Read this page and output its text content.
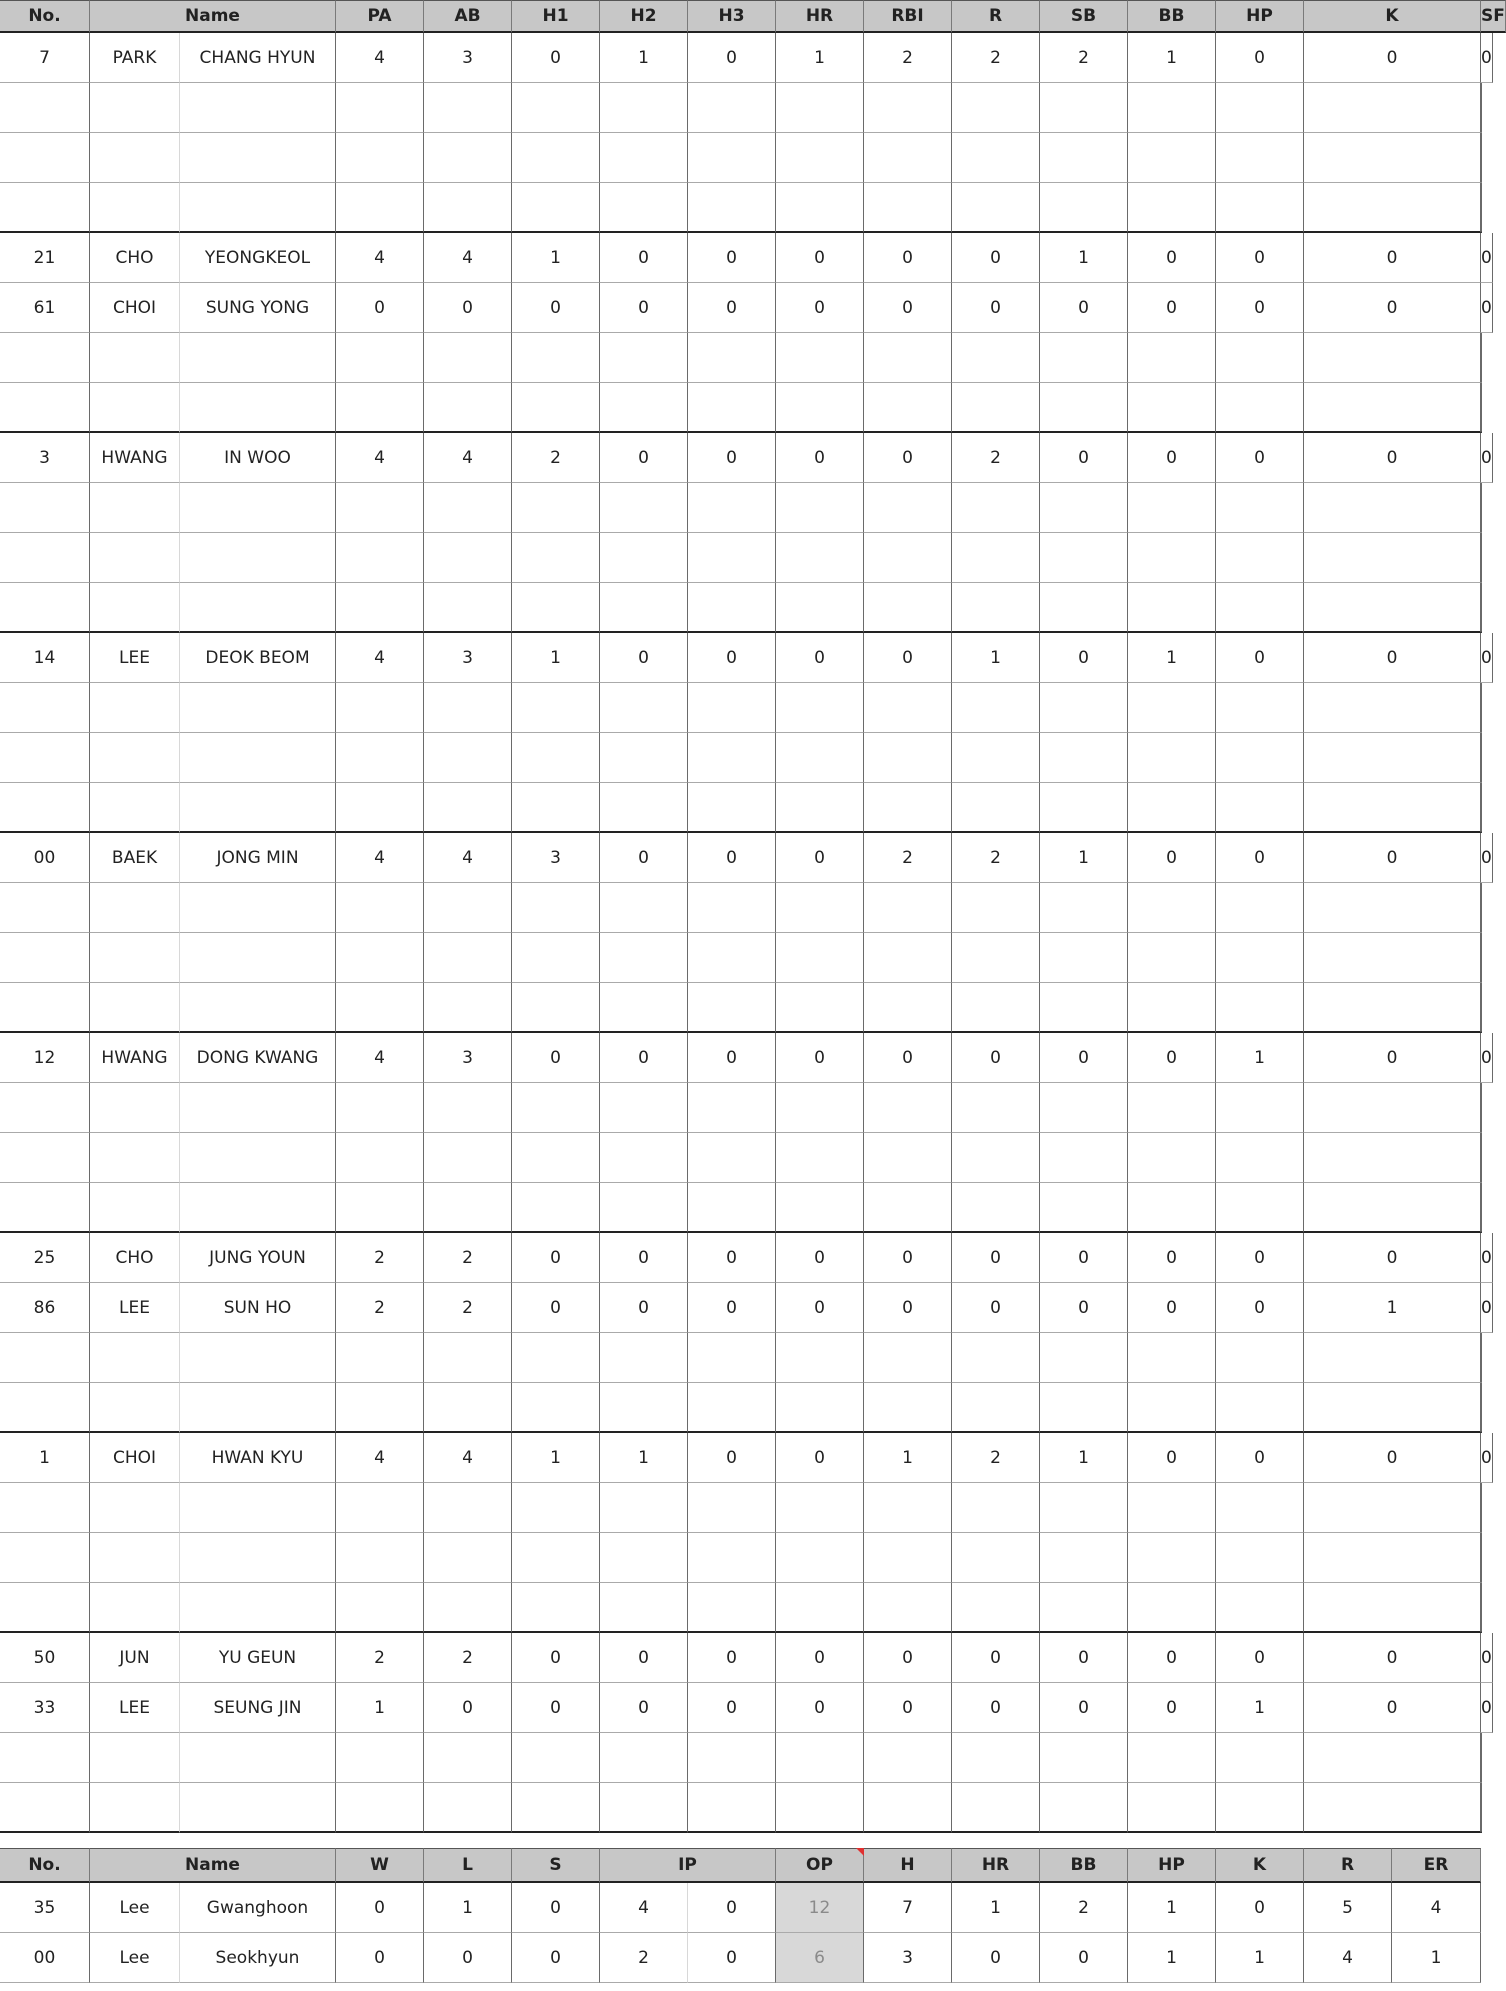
No.	Name	PA	AB	H1	H2	H3	HR	RBI	R	SB	BB	HP	K	SF
7	PARK	CHANG HYUN	4	3	0	1	0	1	2	2	2	1	0	0	0
21	CHO	YEONGKEOL	4	4	1	0	0	0	0	0	1	0	0	0	0
61	CHOI	SUNG YONG	0	0	0	0	0	0	0	0	0	0	0	0	0
3	HWANG	IN WOO	4	4	2	0	0	0	0	2	0	0	0	0	0
14	LEE	DEOK BEOM	4	3	1	0	0	0	0	1	0	1	0	0	0
00	BAEK	JONG MIN	4	4	3	0	0	0	2	2	1	0	0	0	0
12	HWANG	DONG KWANG	4	3	0	0	0	0	0	0	0	0	1	0	0
25	CHO	JUNG YOUN	2	2	0	0	0	0	0	0	0	0	0	0	0
86	LEE	SUN HO	2	2	0	0	0	0	0	0	0	0	0	1	0
1	CHOI	HWAN KYU	4	4	1	1	0	0	1	2	1	0	0	0	0
50	JUN	YU GEUN	2	2	0	0	0	0	0	0	0	0	0	0	0
33	LEE	SEUNG JIN	1	0	0	0	0	0	0	0	0	0	1	0	0
No.	Name	W	L	S	IP	OP	H	HR	BB	HP	K	R	ER
35	Lee	Gwanghoon	0	1	0	4	0	12	7	1	2	1	0	5	4
00	Lee	Seokhyun	0	0	0	2	0	6	3	0	0	1	1	4	1
